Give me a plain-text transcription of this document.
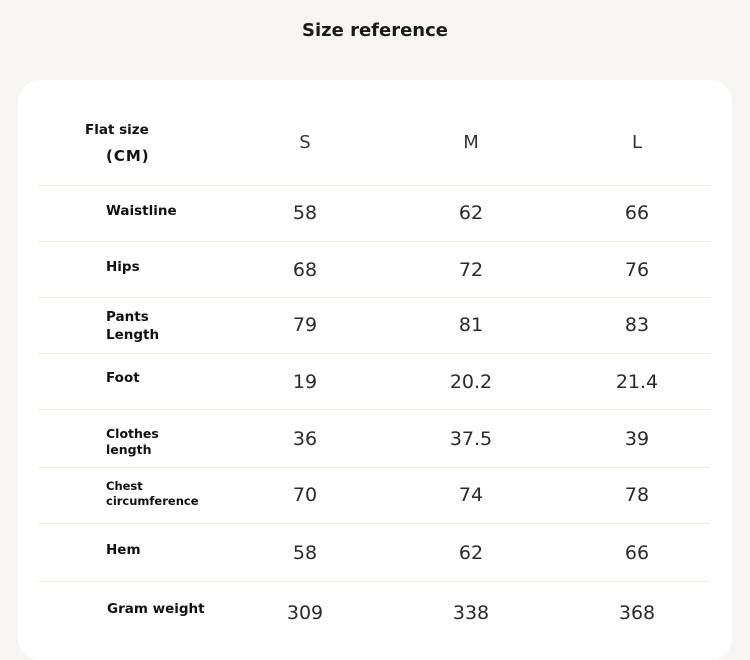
Size reference
Flat size
(CM)
S	M	L
Waistline	58	62	66
Hips	68	72	76
Pants
Length	79	81	83
Foot	19	20.2	21.4
Clothes
length	36	37.5	39
Chest
circumference	70	74	78
Hem	58	62	66
Gram weight	309	338	368
